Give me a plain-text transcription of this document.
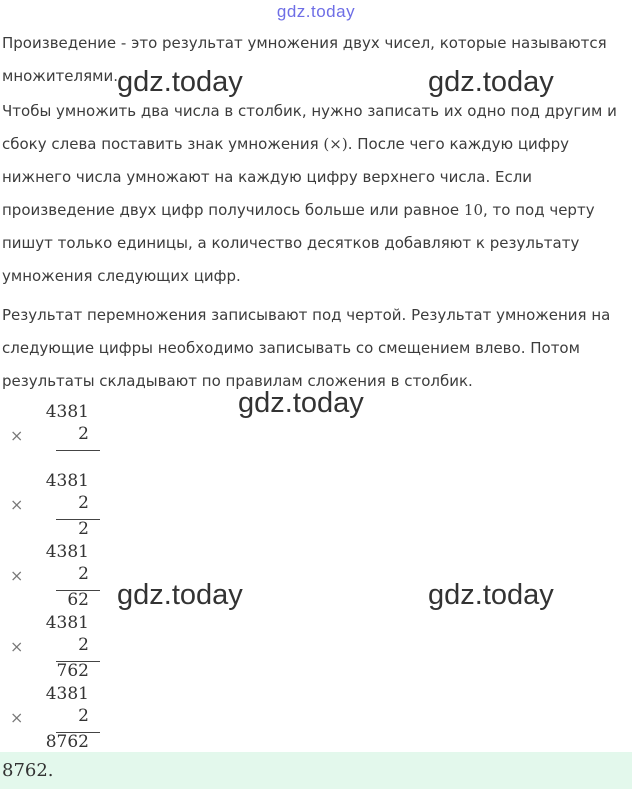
gdz.today
Произведение - это результат умножения двух чисел, которые называются множителями.
Чтобы умножить два числа в столбик, нужно записать их одно под другим и сбоку слева поставить знак умножения (×). После чего каждую цифру нижнего числа умножают на каждую цифру верхнего числа. Если произведение двух цифр получилось больше или равное 10, то под черту пишут только единицы, а количество десятков добавляют к результату умножения следующих цифр.
Результат перемножения записывают под чертой. Результат умножения на следующие цифры необходимо записывать со смещением влево. Потом результаты складывают по правилам сложения в столбик.
×
4381
2
×
4381
2
2
×
4381
2
62
×
4381
2
762
×
4381
2
8762
gdz.today	gdz.today
gdz.today
gdz.today	gdz.today
8762.
